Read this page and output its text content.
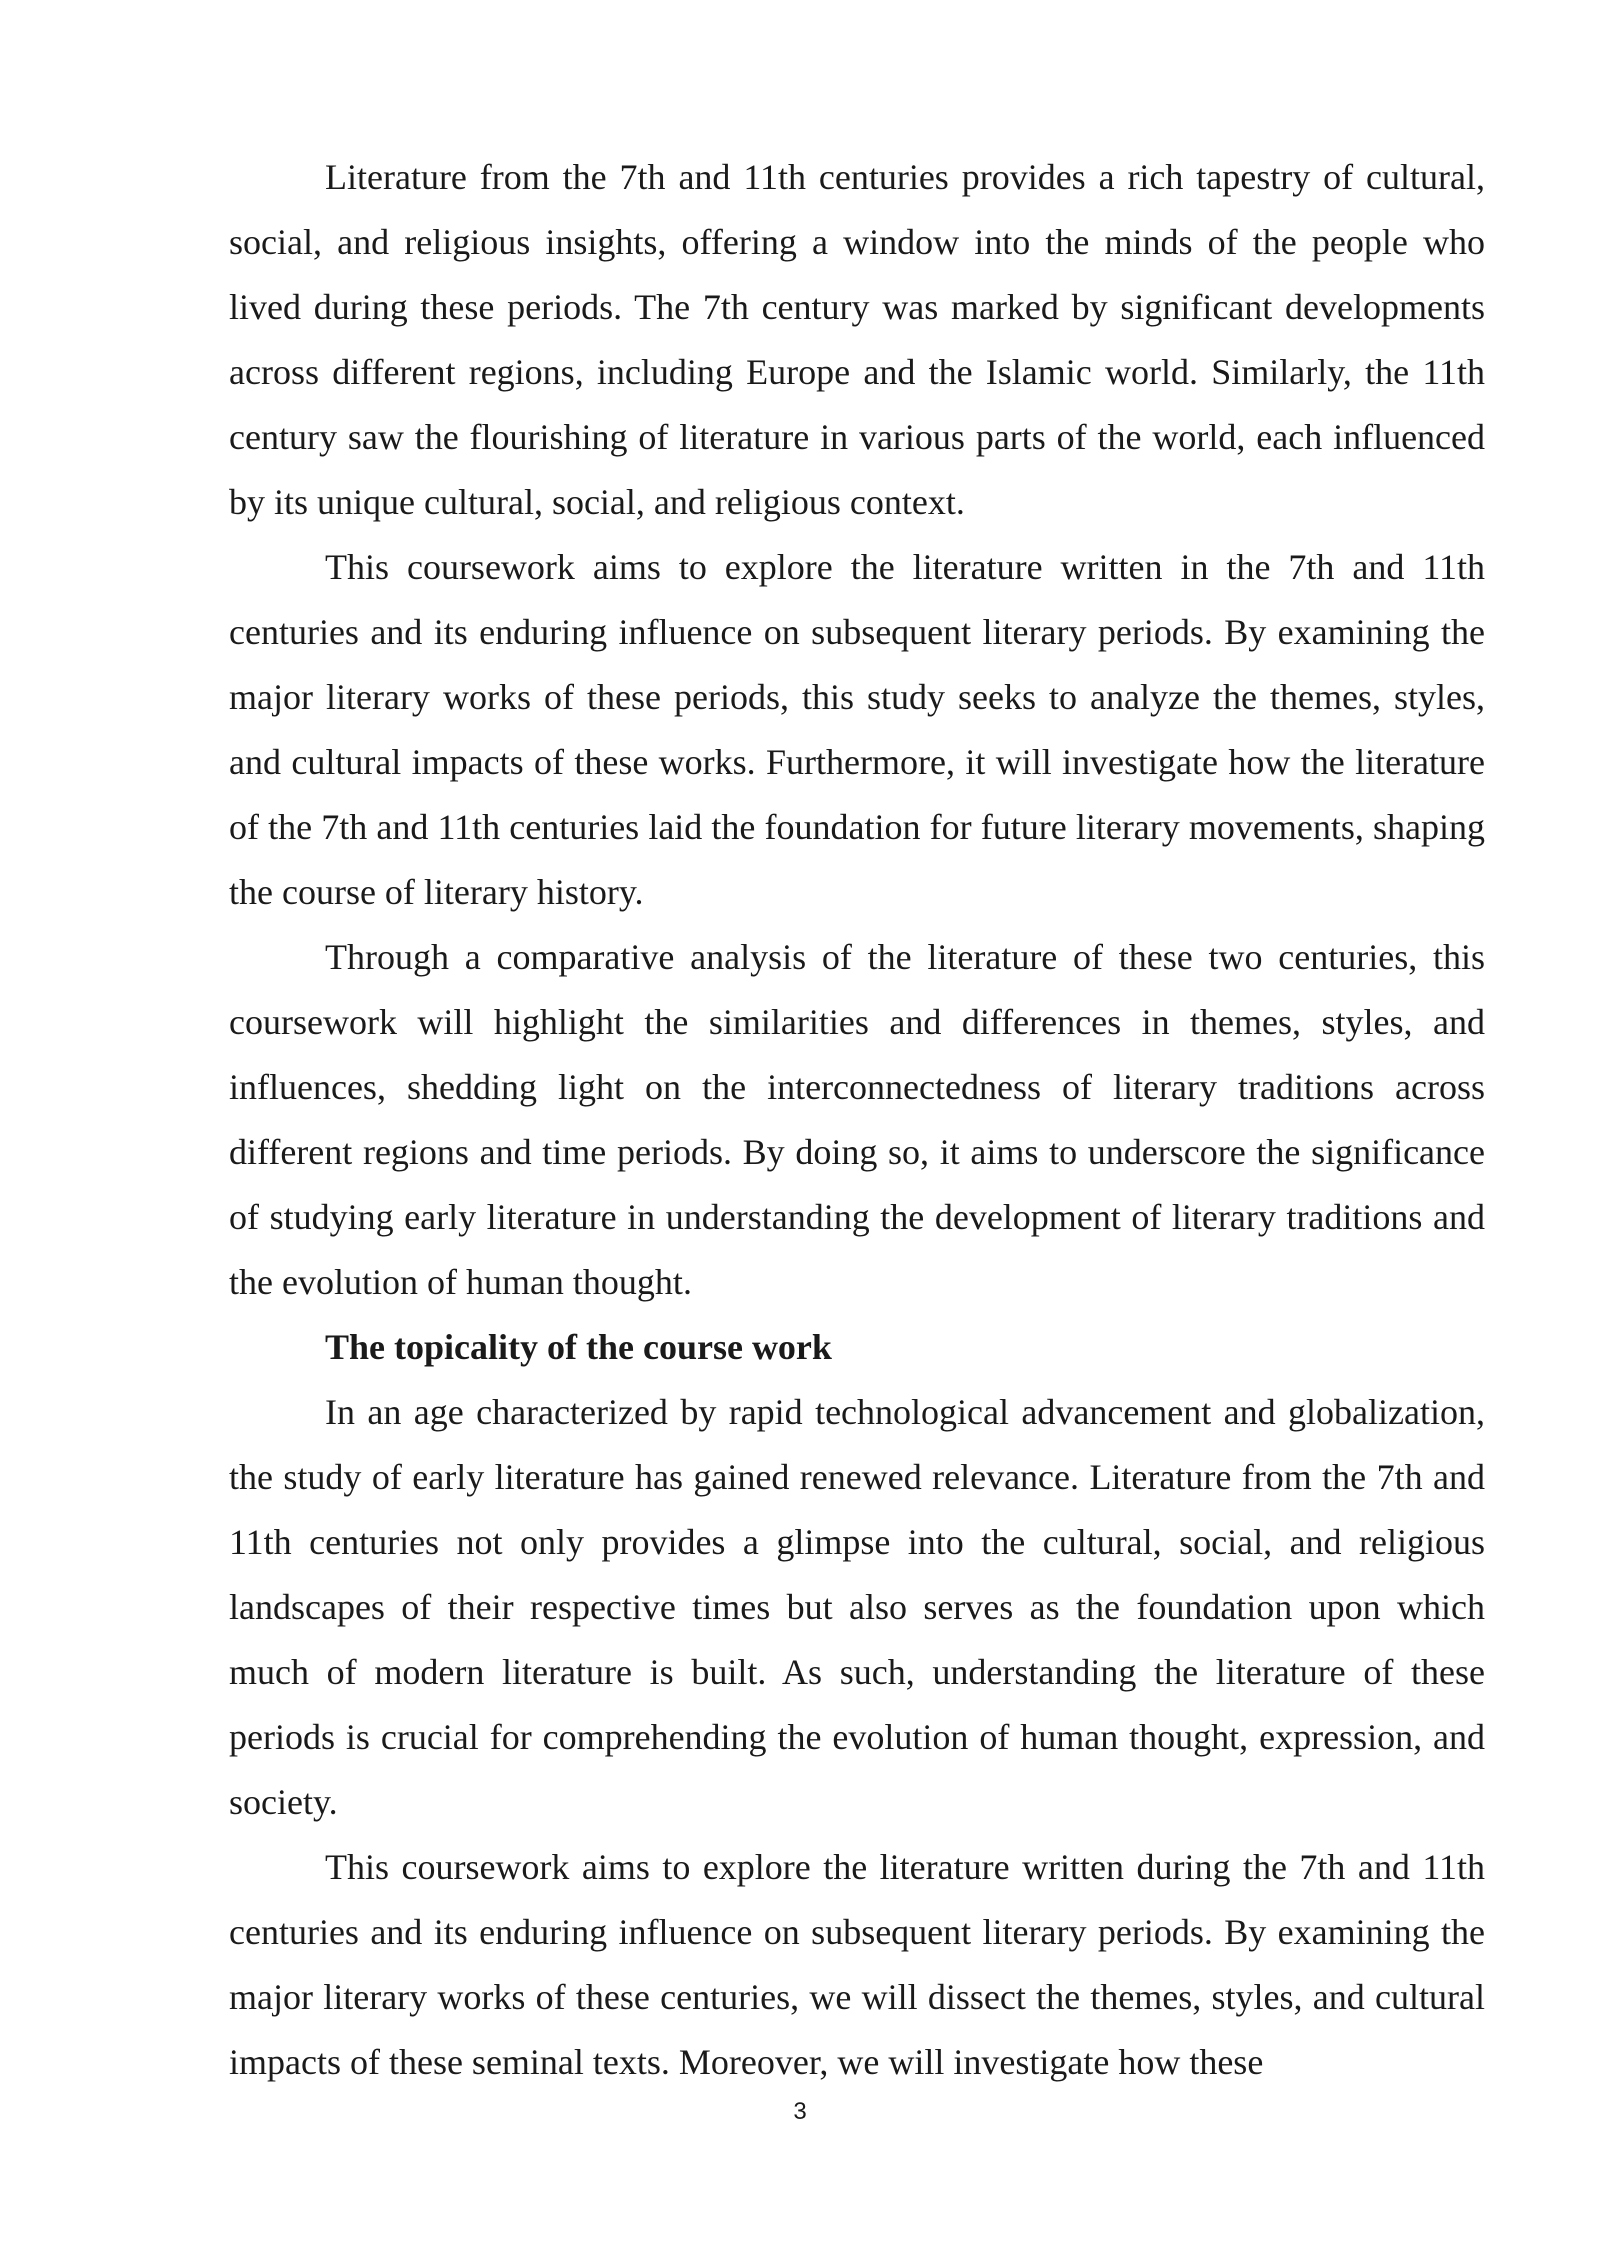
Literature from the 7th and 11th centuries provides a rich tapestry of cultural, social, and religious insights, offering a window into the minds of the people who lived during these periods. The 7th century was marked by significant developments across different regions, including Europe and the Islamic world. Similarly, the 11th century saw the flourishing of literature in various parts of the world, each influenced by its unique cultural, social, and religious context.

This coursework aims to explore the literature written in the 7th and 11th centuries and its enduring influence on subsequent literary periods. By examining the major literary works of these periods, this study seeks to analyze the themes, styles, and cultural impacts of these works. Furthermore, it will investigate how the literature of the 7th and 11th centuries laid the foundation for future literary movements, shaping the course of literary history.

Through a comparative analysis of the literature of these two centuries, this coursework will highlight the similarities and differences in themes, styles, and influences, shedding light on the interconnectedness of literary traditions across different regions and time periods. By doing so, it aims to underscore the significance of studying early literature in understanding the development of literary traditions and the evolution of human thought.

The topicality of the course work

In an age characterized by rapid technological advancement and globalization, the study of early literature has gained renewed relevance. Literature from the 7th and 11th centuries not only provides a glimpse into the cultural, social, and religious landscapes of their respective times but also serves as the foundation upon which much of modern literature is built. As such, understanding the literature of these periods is crucial for comprehending the evolution of human thought, expression, and society.

This coursework aims to explore the literature written during the 7th and 11th centuries and its enduring influence on subsequent literary periods. By examining the major literary works of these centuries, we will dissect the themes, styles, and cultural impacts of these seminal texts. Moreover, we will investigate how these

3
